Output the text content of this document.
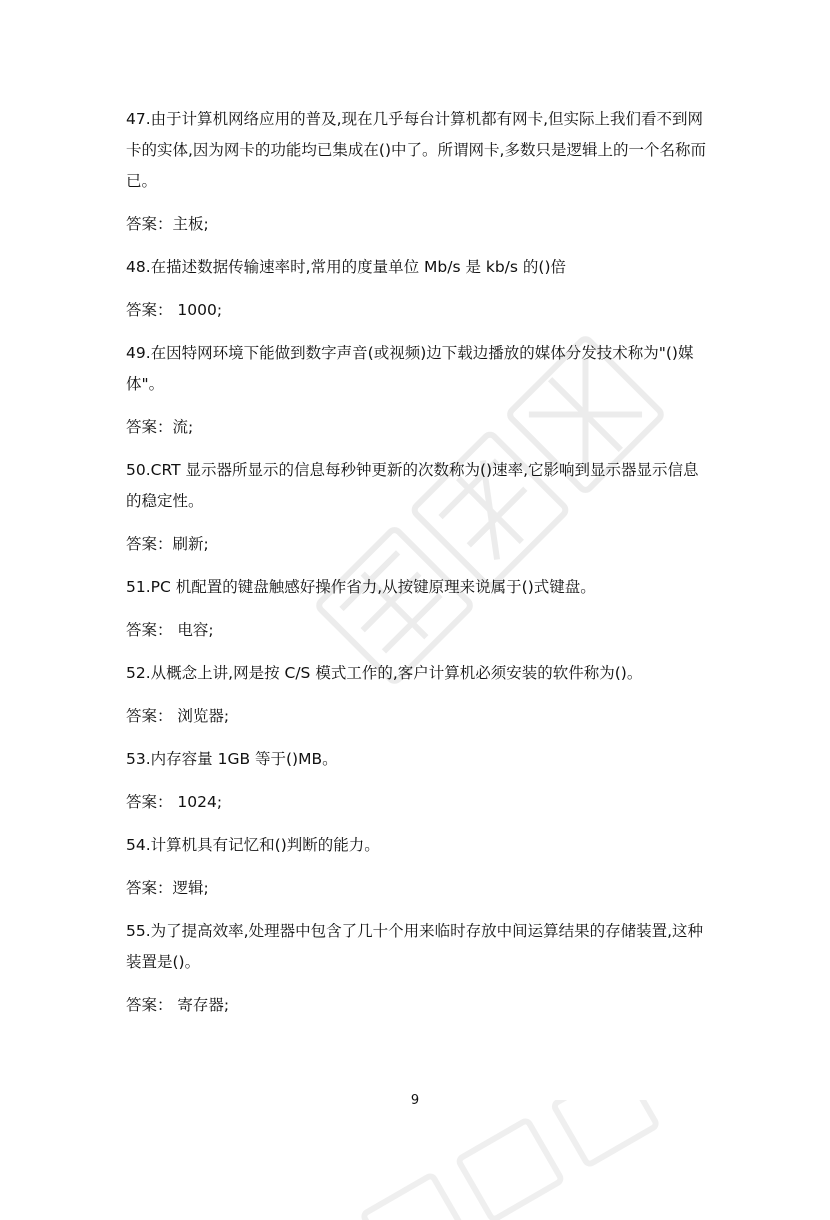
47.由于计算机网络应用的普及,现在几乎每台计算机都有网卡,但实际上我们看不到网卡的实体,因为网卡的功能均已集成在()中了。所谓网卡,多数只是逻辑上的一个名称而已。

答案：主板;

48.在描述数据传输速率时,常用的度量单位 Mb/s 是 kb/s 的()倍

答案： 1000;

49.在因特网环境下能做到数字声音(或视频)边下载边播放的媒体分发技术称为"()媒体"。

答案：流;

50.CRT 显示器所显示的信息每秒钟更新的次数称为()速率,它影响到显示器显示信息的稳定性。

答案：刷新;

51.PC 机配置的键盘触感好操作省力,从按键原理来说属于()式键盘。

答案： 电容;

52.从概念上讲,网是按 C/S 模式工作的,客户计算机必须安装的软件称为()。

答案： 浏览器;

53.内存容量 1GB 等于()MB。

答案： 1024;

54.计算机具有记忆和()判断的能力。

答案：逻辑;

55.为了提高效率,处理器中包含了几十个用来临时存放中间运算结果的存储装置,这种装置是()。

答案： 寄存器;

9
